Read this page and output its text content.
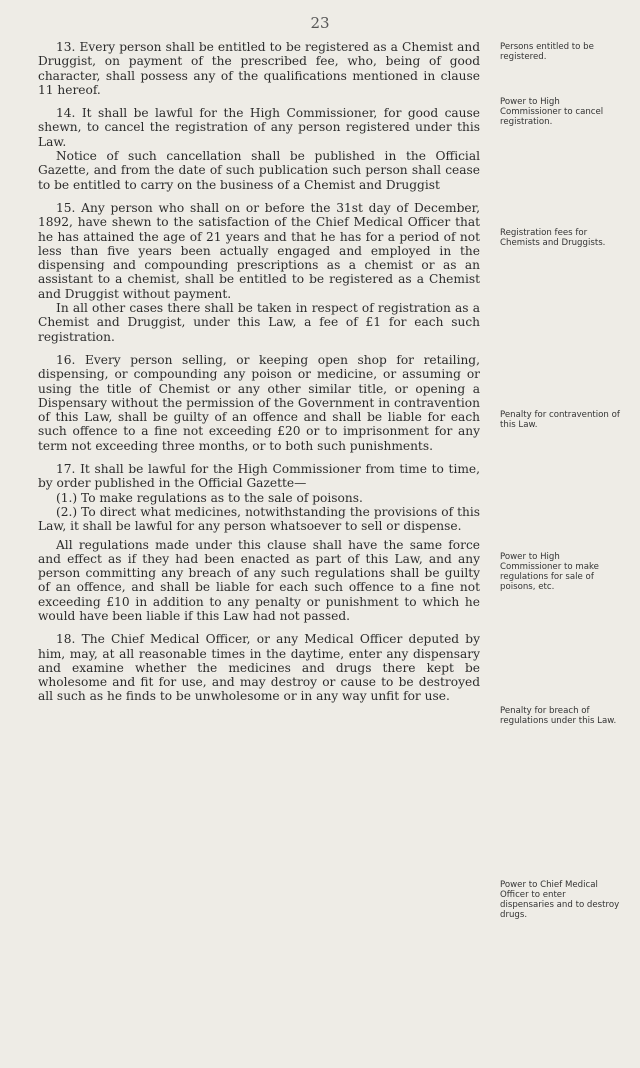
23

13. Every person shall be entitled to be registered as a Chemist and Druggist, on payment of the prescribed fee, who, being of good character, shall possess any of the qualifications mentioned in clause 11 hereof.

14. It shall be lawful for the High Commissioner, for good cause shewn, to cancel the registration of any person registered under this Law.

Notice of such cancellation shall be published in the Official Gazette, and from the date of such publication such person shall cease to be entitled to carry on the business of a Chemist and Druggist

15. Any person who shall on or before the 31st day of December, 1892, have shewn to the satisfaction of the Chief Medical Officer that he has attained the age of 21 years and that he has for a period of not less than five years been actually engaged and employed in the dispensing and compounding prescriptions as a chemist or as an assistant to a chemist, shall be entitled to be registered as a Chemist and Druggist without payment.

In all other cases there shall be taken in respect of registration as a Chemist and Druggist, under this Law, a fee of £1 for each such registration.

16. Every person selling, or keeping open shop for retailing, dispensing, or compounding any poison or medicine, or assuming or using the title of Chemist or any other similar title, or opening a Dispensary without the permission of the Government in contravention of this Law, shall be guilty of an offence and shall be liable for each such offence to a fine not exceeding £20 or to imprisonment for any term not exceeding three months, or to both such punishments.

17. It shall be lawful for the High Commissioner from time to time, by order published in the Official Gazette—

(1.) To make regulations as to the sale of poisons.

(2.) To direct what medicines, notwithstanding the provisions of this Law, it shall be lawful for any person whatsoever to sell or dispense.

All regulations made under this clause shall have the same force and effect as if they had been enacted as part of this Law, and any person committing any breach of any such regulations shall be guilty of an offence, and shall be liable for each such offence to a fine not exceeding £10 in addition to any penalty or punishment to which he would have been liable if this Law had not passed.

18. The Chief Medical Officer, or any Medical Officer deputed by him, may, at all reasonable times in the daytime, enter any dispensary and examine whether the medicines and drugs there kept be wholesome and fit for use, and may destroy or cause to be destroyed all such as he finds to be unwholesome or in any way unfit for use.

Persons entitled to be registered.
Power to High Commissioner to cancel registration.
Registration fees for Chemists and Druggists.
Penalty for contravention of this Law.
Power to High Commissioner to make regulations for sale of poisons, etc.
Penalty for breach of regulations under this Law.
Power to Chief Medical Officer to enter dispensaries and to destroy drugs.
